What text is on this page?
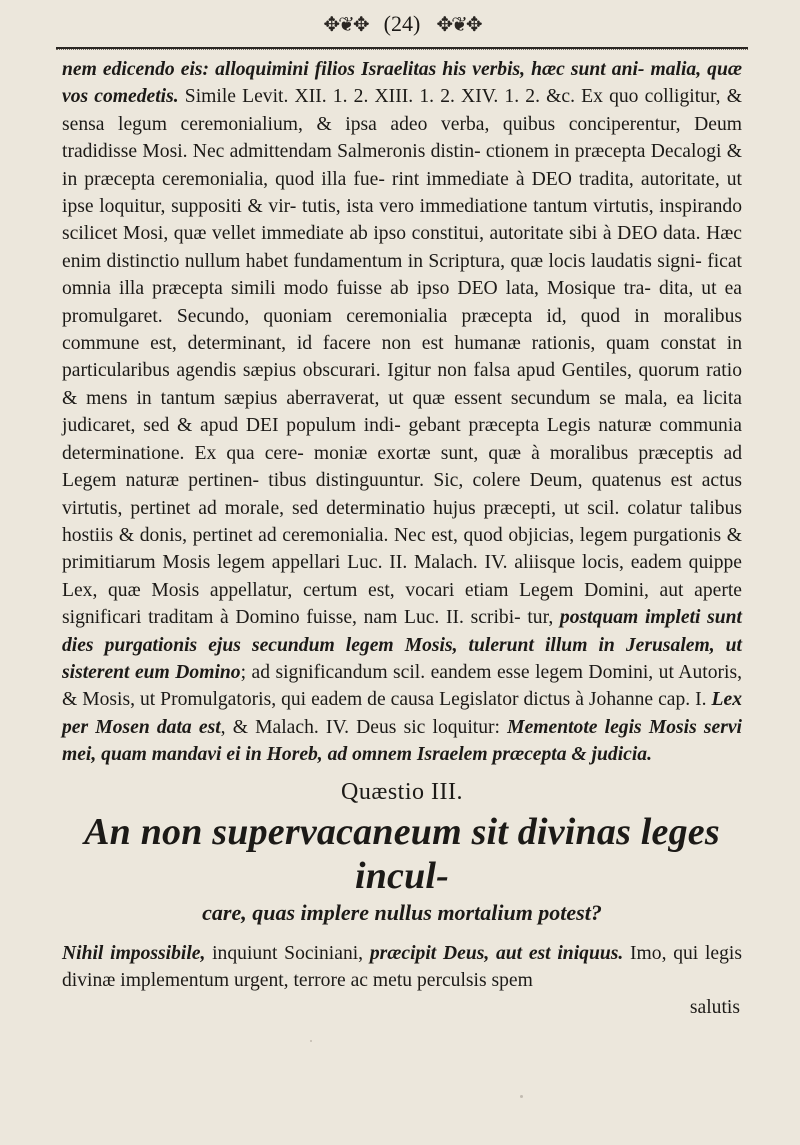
✥❦✥ (24) ✥❦✥

nem edicendo eis: alloquimini filios Israelitas his verbis, hæc sunt ani- malia, quæ vos comedetis. Simile Levit. XII. 1. 2. XIII. 1. 2. XIV. 1. 2. &c. Ex quo colligitur, & sensa legum ceremonialium, & ipsa adeo verba, quibus conciperentur, Deum tradidisse Mosi. Nec admittendam Salmeronis distin- ctionem in præcepta Decalogi & in præcepta ceremonialia, quod illa fue- rint immediate à DEO tradita, autoritate, ut ipse loquitur, suppositi & vir- tutis, ista vero immediatione tantum virtutis, inspirando scilicet Mosi, quæ vellet immediate ab ipso constitui, autoritate sibi à DEO data. Hæc enim distinctio nullum habet fundamentum in Scriptura, quæ locis laudatis signi- ficat omnia illa præcepta simili modo fuisse ab ipso DEO lata, Mosique tra- dita, ut ea promulgaret. Secundo, quoniam ceremonialia præcepta id, quod in moralibus commune est, determinant, id facere non est humanæ rationis, quam constat in particularibus agendis sæpius obscurari. Igitur non falsa apud Gentiles, quorum ratio & mens in tantum sæpius aberraverat, ut quæ essent secundum se mala, ea licita judicaret, sed & apud DEI populum indi- gebant præcepta Legis naturæ communia determinatione. Ex qua cere- moniæ exortæ sunt, quæ à moralibus præceptis ad Legem naturæ pertinen- tibus distinguuntur. Sic, colere Deum, quatenus est actus virtutis, pertinet ad morale, sed determinatio hujus præcepti, ut scil. colatur talibus hostiis & donis, pertinet ad ceremonialia. Nec est, quod objicias, legem purgationis & primitiarum Mosis legem appellari Luc. II. Malach. IV. aliisque locis, eadem quippe Lex, quæ Mosis appellatur, certum est, vocari etiam Legem Domini, aut aperte significari traditam à Domino fuisse, nam Luc. II. scribi- tur, postquam impleti sunt dies purgationis ejus secundum legem Mosis, tulerunt illum in Jerusalem, ut sisterent eum Domino; ad significandum scil. eandem esse legem Domini, ut Autoris, & Mosis, ut Promulgatoris, qui eadem de causa Legislator dictus à Johanne cap. I. Lex per Mosen data est, & Malach. IV. Deus sic loquitur: Mementote legis Mosis servi mei, quam mandavi ei in Horeb, ad omnem Israelem præcepta & judicia.

Quæstio III.
An non supervacaneum sit divinas leges incul-
care, quas implere nullus mortalium potest?

Nihil impossibile, inquiunt Sociniani, præcipit Deus, aut est iniquus. Imo, qui legis divinæ implementum urgent, terrore ac metu perculsis spem

salutis
